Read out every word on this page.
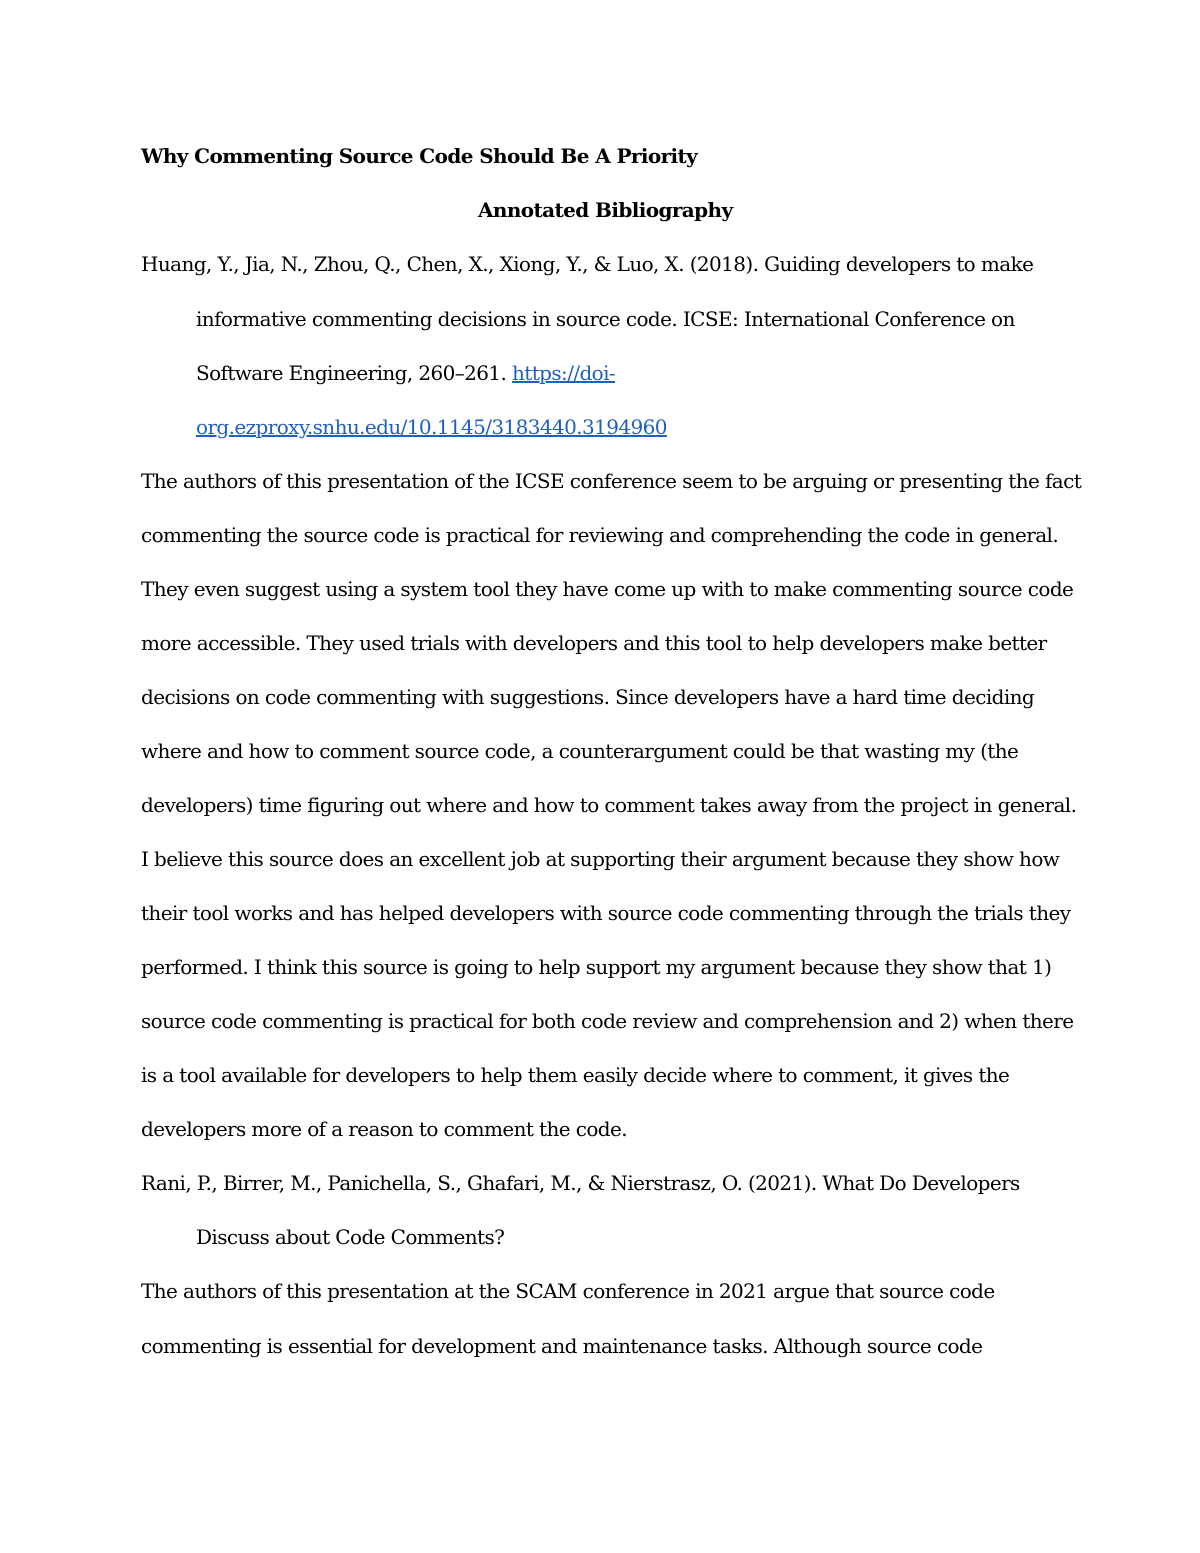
Why Commenting Source Code Should Be A Priority
Annotated Bibliography
Huang, Y., Jia, N., Zhou, Q., Chen, X., Xiong, Y., & Luo, X. (2018). Guiding developers to make
informative commenting decisions in source code. ICSE: International Conference on
Software Engineering, 260–261. https://doi-
org.ezproxy.snhu.edu/10.1145/3183440.3194960
The authors of this presentation of the ICSE conference seem to be arguing or presenting the fact
commenting the source code is practical for reviewing and comprehending the code in general.
They even suggest using a system tool they have come up with to make commenting source code
more accessible. They used trials with developers and this tool to help developers make better
decisions on code commenting with suggestions. Since developers have a hard time deciding
where and how to comment source code, a counterargument could be that wasting my (the
developers) time figuring out where and how to comment takes away from the project in general.
I believe this source does an excellent job at supporting their argument because they show how
their tool works and has helped developers with source code commenting through the trials they
performed. I think this source is going to help support my argument because they show that 1)
source code commenting is practical for both code review and comprehension and 2) when there
is a tool available for developers to help them easily decide where to comment, it gives the
developers more of a reason to comment the code.
Rani, P., Birrer, M., Panichella, S., Ghafari, M., & Nierstrasz, O. (2021). What Do Developers
Discuss about Code Comments?
The authors of this presentation at the SCAM conference in 2021 argue that source code
commenting is essential for development and maintenance tasks. Although source code
